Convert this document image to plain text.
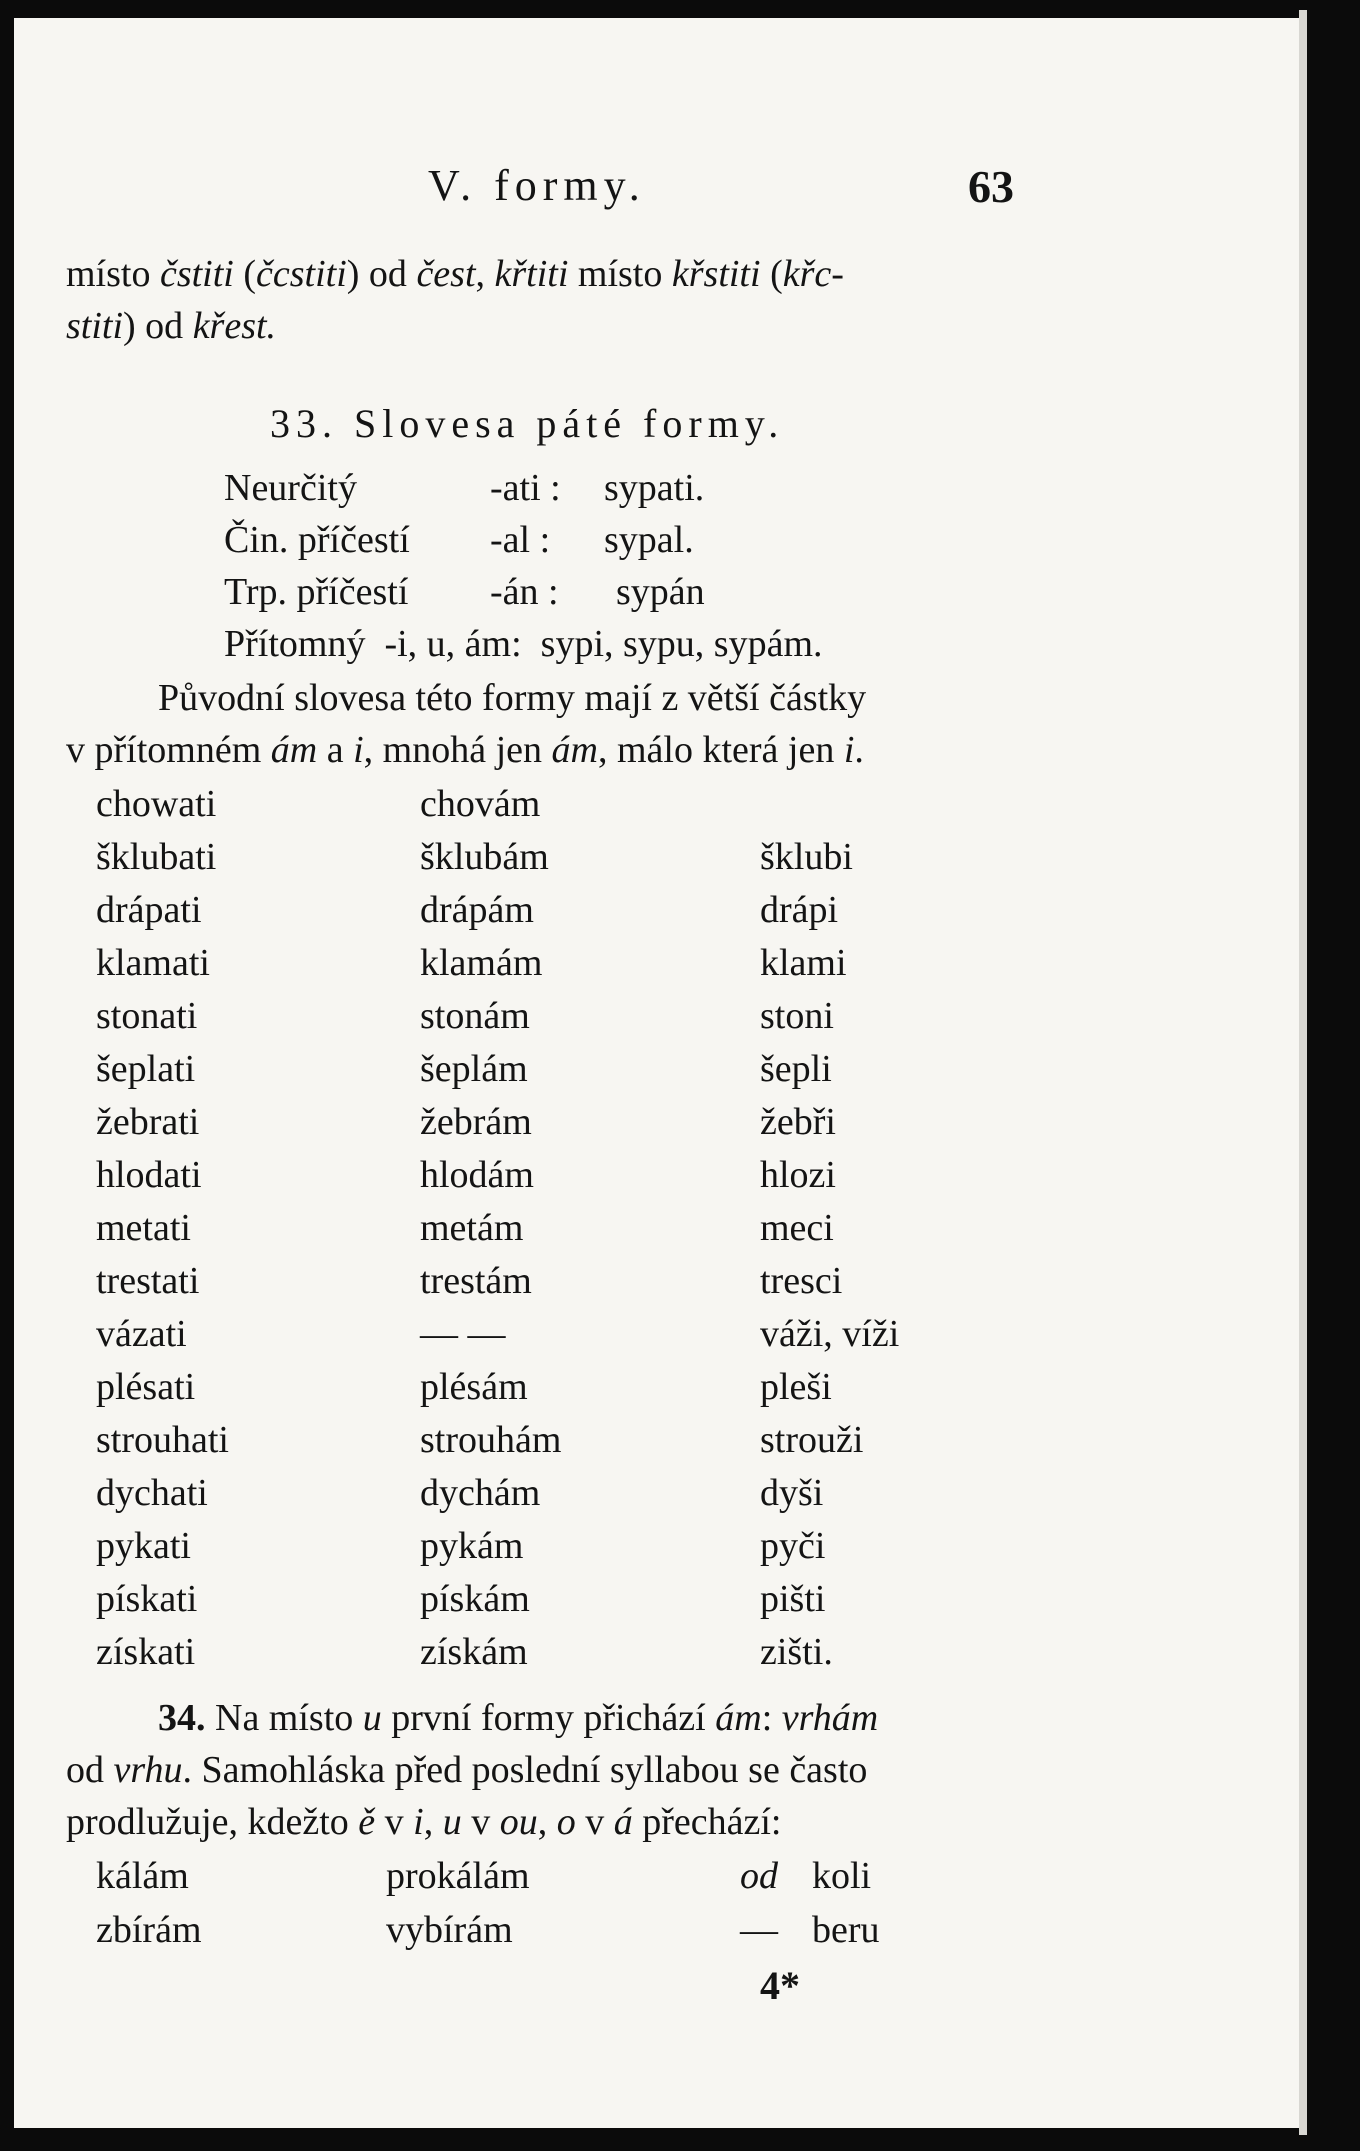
V. formy.	63
místo čstiti (čcstiti) od čest, křtiti místo křstiti (křc-
stiti) od křest.
33. Slovesa páté formy.
Neurčitý	-ati : sypati.
Čin. příčestí -al : sypal.
Trp. příčestí -án : sypán
Přítomný  -i, u, ám:  sypi, sypu, sypám.
Původní slovesa této formy mají z větší částky
v přítomném ám a i, mnohá jen ám, málo která jen i.
chowati	chovám
šklubati	šklubám	šklubi
drápati	drápám	drápi
klamati	klamám	klami
stonati	stonám	stoni
šeplati	šeplám	šepli
žebrati	žebrám	žebři
hlodati	hlodám	hlozi
metati	metám	meci
trestati	trestám	tresci
vázati	— —	váži, víži
plésati	plésám	pleši
strouhati	strouhám	strouži
dychati	dychám	dyši
pykati	pykám	pyči
pískati	pískám	pišti
získati	získám	zišti.
34. Na místo u první formy přichází ám: vrhám
od vrhu. Samohláska před poslední syllabou se často
prodlužuje, kdežto ě v i, u v ou, o v á přechází:
kálám	prokálám	od koli
zbírám	vybírám	— beru
4*
